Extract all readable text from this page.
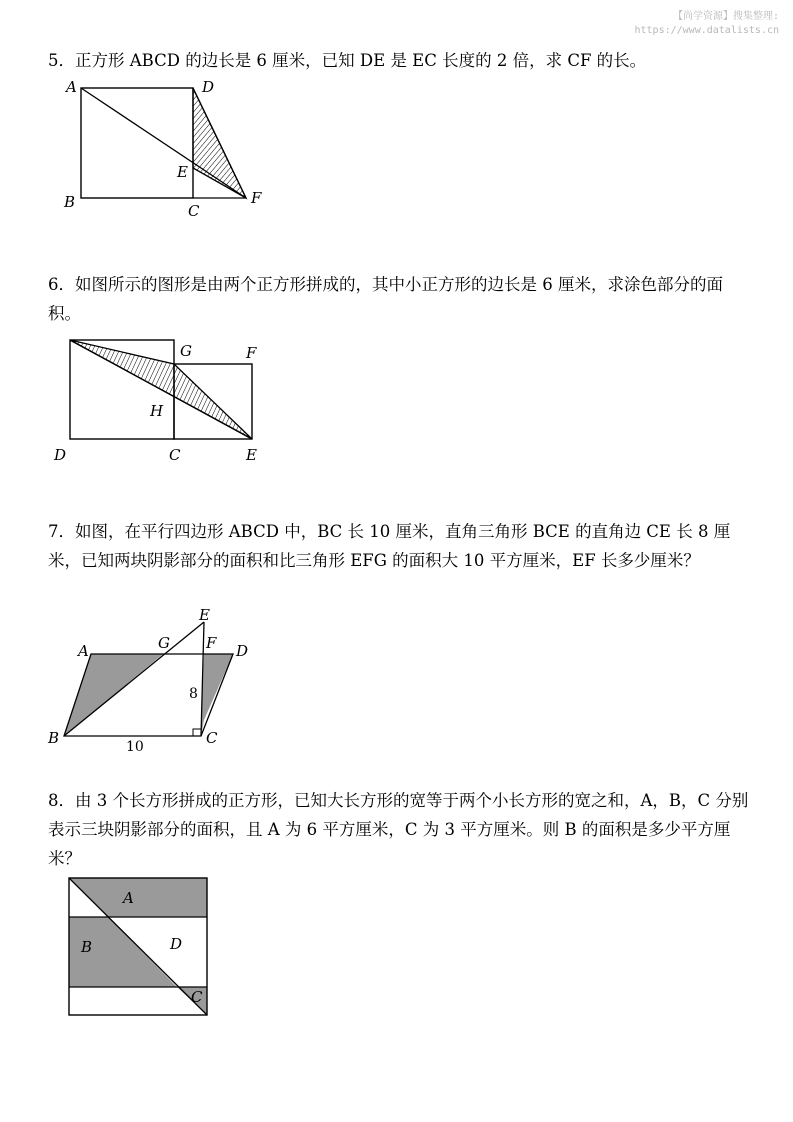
【尚学资源】搜集整理:
https://www.datalists.cn

5．正方形 ABCD 的边长是 6 厘米，已知 DE 是 EC 长度的 2 倍，求 CF 的长。

A	D
E
B	C
F

6．如图所示的图形是由两个正方形拼成的，其中小正方形的边长是 6 厘米，求涂色部分的面积。

G	F
H
D	C	E

7．如图，在平行四边形 ABCD 中，BC 长 10 厘米，直角三角形 BCE 的直角边 CE 长 8 厘米，已知两块阴影部分的面积和比三角形 EFG 的面积大 10 平方厘米，EF 长多少厘米？

E
A	G F D
B	C
8
10

8．由 3 个长方形拼成的正方形，已知大长方形的宽等于两个小长方形的宽之和，A，B，C 分别表示三块阴影部分的面积，且 A 为 6 平方厘米，C 为 3 平方厘米。则 B 的面积是多少平方厘米？

A
B	D
C
